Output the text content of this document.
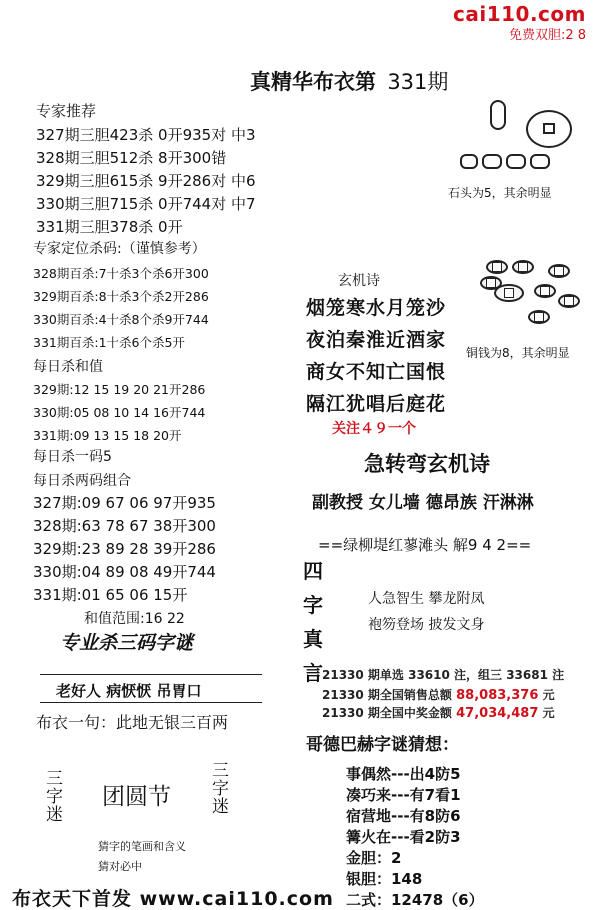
cai110.com
免费双胆:2 8
真精华布衣第 331期
专家推荐
327期三胆423杀 0开935对 中3
328期三胆512杀 8开300错
329期三胆615杀 9开286对 中6
330期三胆715杀 0开744对 中7
331期三胆378杀 0开
专家定位杀码:（谨慎参考）
328期百杀:7十杀3个杀6开300
329期百杀:8十杀3个杀2开286
330期百杀:4十杀8个杀9开744
331期百杀:1十杀6个杀5开
每日杀和值
329期:12 15 19 20 21开286
330期:05 08 10 14 16开744
331期:09 13 15 18 20开
每日杀一码5
每日杀两码组合
327期:09 67 06 97开935
328期:63 78 67 38开300
329期:23 89 28 39开286
330期:04 89 08 49开744
331期:01 65 06 15开
和值范围:16 22
专业杀三码字谜
老好人 病恹恹 吊胃口
布衣一句：此地无银三百两
三
字
迷
团圆节
三
字
迷
猜字的笔画和含义
猜对必中
石头为5，其余明显
铜钱为8，其余明显
玄机诗
烟笼寒水月笼沙
夜泊秦淮近酒家
商女不知亡国恨
隔江犹唱后庭花
关注４９一个
急转弯玄机诗
副教授 女儿墙 德昂族 汗淋淋
==绿柳堤红蓼滩头 解9 4 2==
四
字
真
言
人急智生 攀龙附凤
袍笏登场 披发文身
21330 期单选 33610 注，组三 33681 注
21330 期全国销售总额 88,083,376 元
21330 期全国中奖金额 47,034,487 元
哥德巴赫字谜猜想：
事偶然---出4防5
凑巧来---有7看1
宿营地---有8防6
篝火在---看2防3
金胆：2
银胆：148
二式：12478（6）
布衣天下首发 www.cai110.com
